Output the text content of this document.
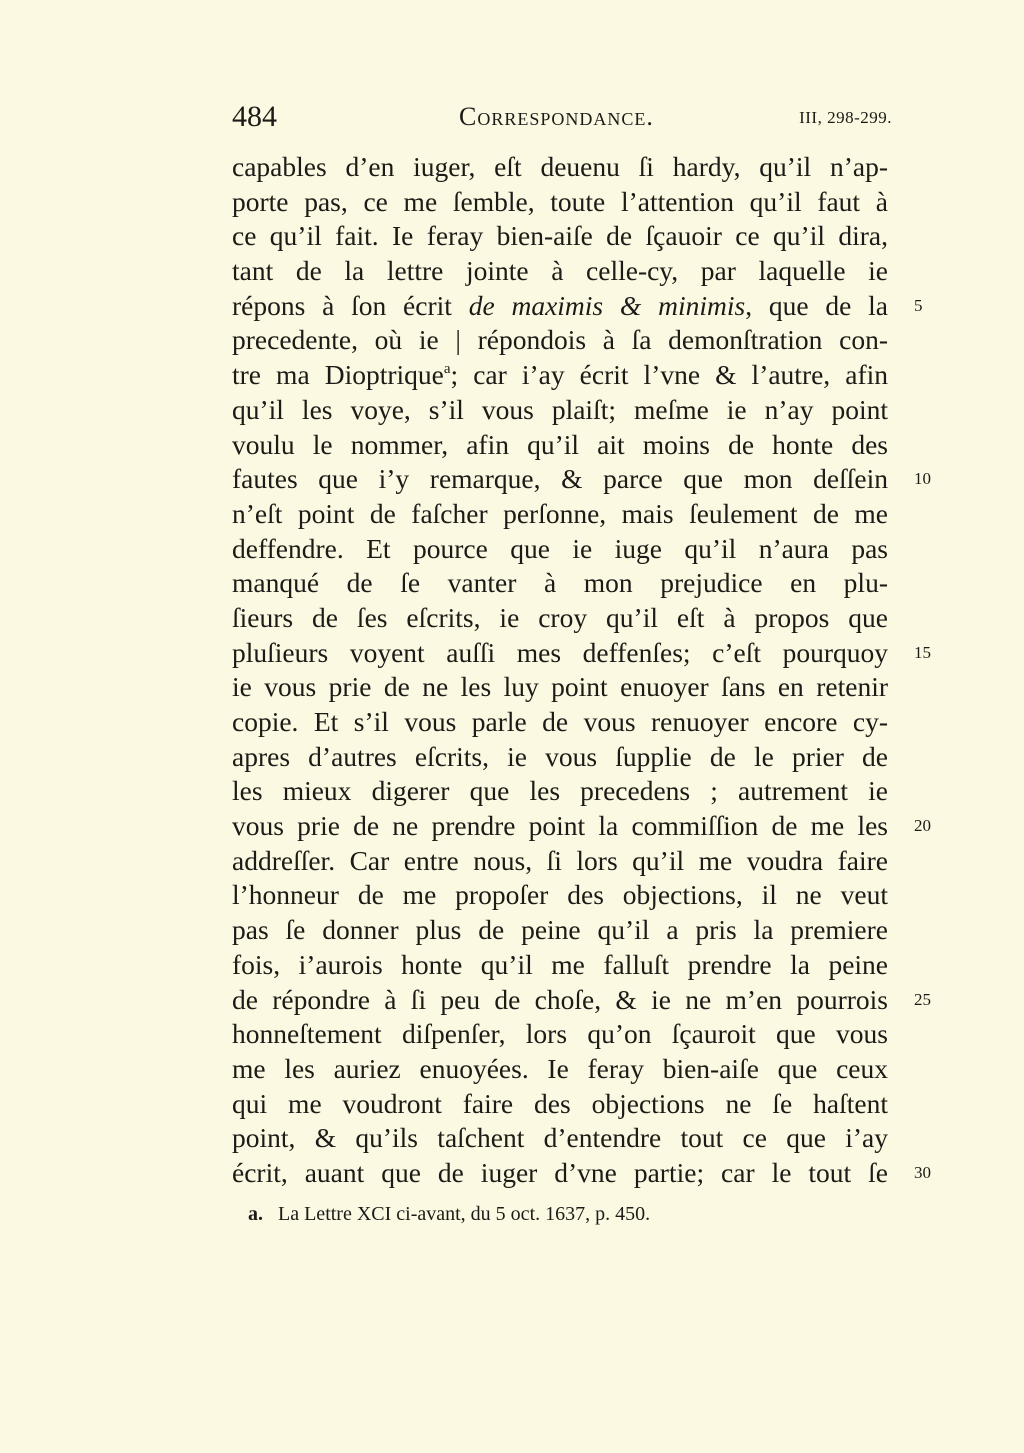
484	Correspondance.	III, 298-299.
capables d’en iuger, eſt deuenu ſi hardy, qu’il n’ap-
porte pas, ce me ſemble, toute l’attention qu’il faut à
ce qu’il fait. Ie feray bien-aiſe de ſçauoir ce qu’il dira,
tant de la lettre jointe à celle-cy, par laquelle ie
répons à ſon écrit de maximis & minimis, que de la 5
precedente, où ie | répondois à ſa demonſtration con-
tre ma Dioptrique$^a$; car i’ay écrit l’vne & l’autre, afin
qu’il les voye, s’il vous plaiſt; meſme ie n’ay point
voulu le nommer, afin qu’il ait moins de honte des
fautes que i’y remarque, & parce que mon deſſein 10
n’eſt point de faſcher perſonne, mais ſeulement de me
deffendre. Et pource que ie iuge qu’il n’aura pas
manqué de ſe vanter à mon prejudice en plu-
ſieurs de ſes eſcrits, ie croy qu’il eſt à propos que
pluſieurs voyent auſſi mes deffenſes; c’eſt pourquoy 15
ie vous prie de ne les luy point enuoyer ſans en retenir
copie. Et s’il vous parle de vous renuoyer encore cy-
apres d’autres eſcrits, ie vous ſupplie de le prier de
les mieux digerer que les precedens ; autrement ie
vous prie de ne prendre point la commiſſion de me les 20
addreſſer. Car entre nous, ſi lors qu’il me voudra faire
l’honneur de me propoſer des objections, il ne veut
pas ſe donner plus de peine qu’il a pris la premiere
fois, i’aurois honte qu’il me falluſt prendre la peine
de répondre à ſi peu de choſe, & ie ne m’en pourrois 25
honneſtement diſpenſer, lors qu’on ſçauroit que vous
me les auriez enuoyées. Ie feray bien-aiſe que ceux
qui me voudront faire des objections ne ſe haſtent
point, & qu’ils taſchent d’entendre tout ce que i’ay
écrit, auant que de iuger d’vne partie; car le tout ſe 30
a. La Lettre XCI ci-avant, du 5 oct. 1637, p. 450.
